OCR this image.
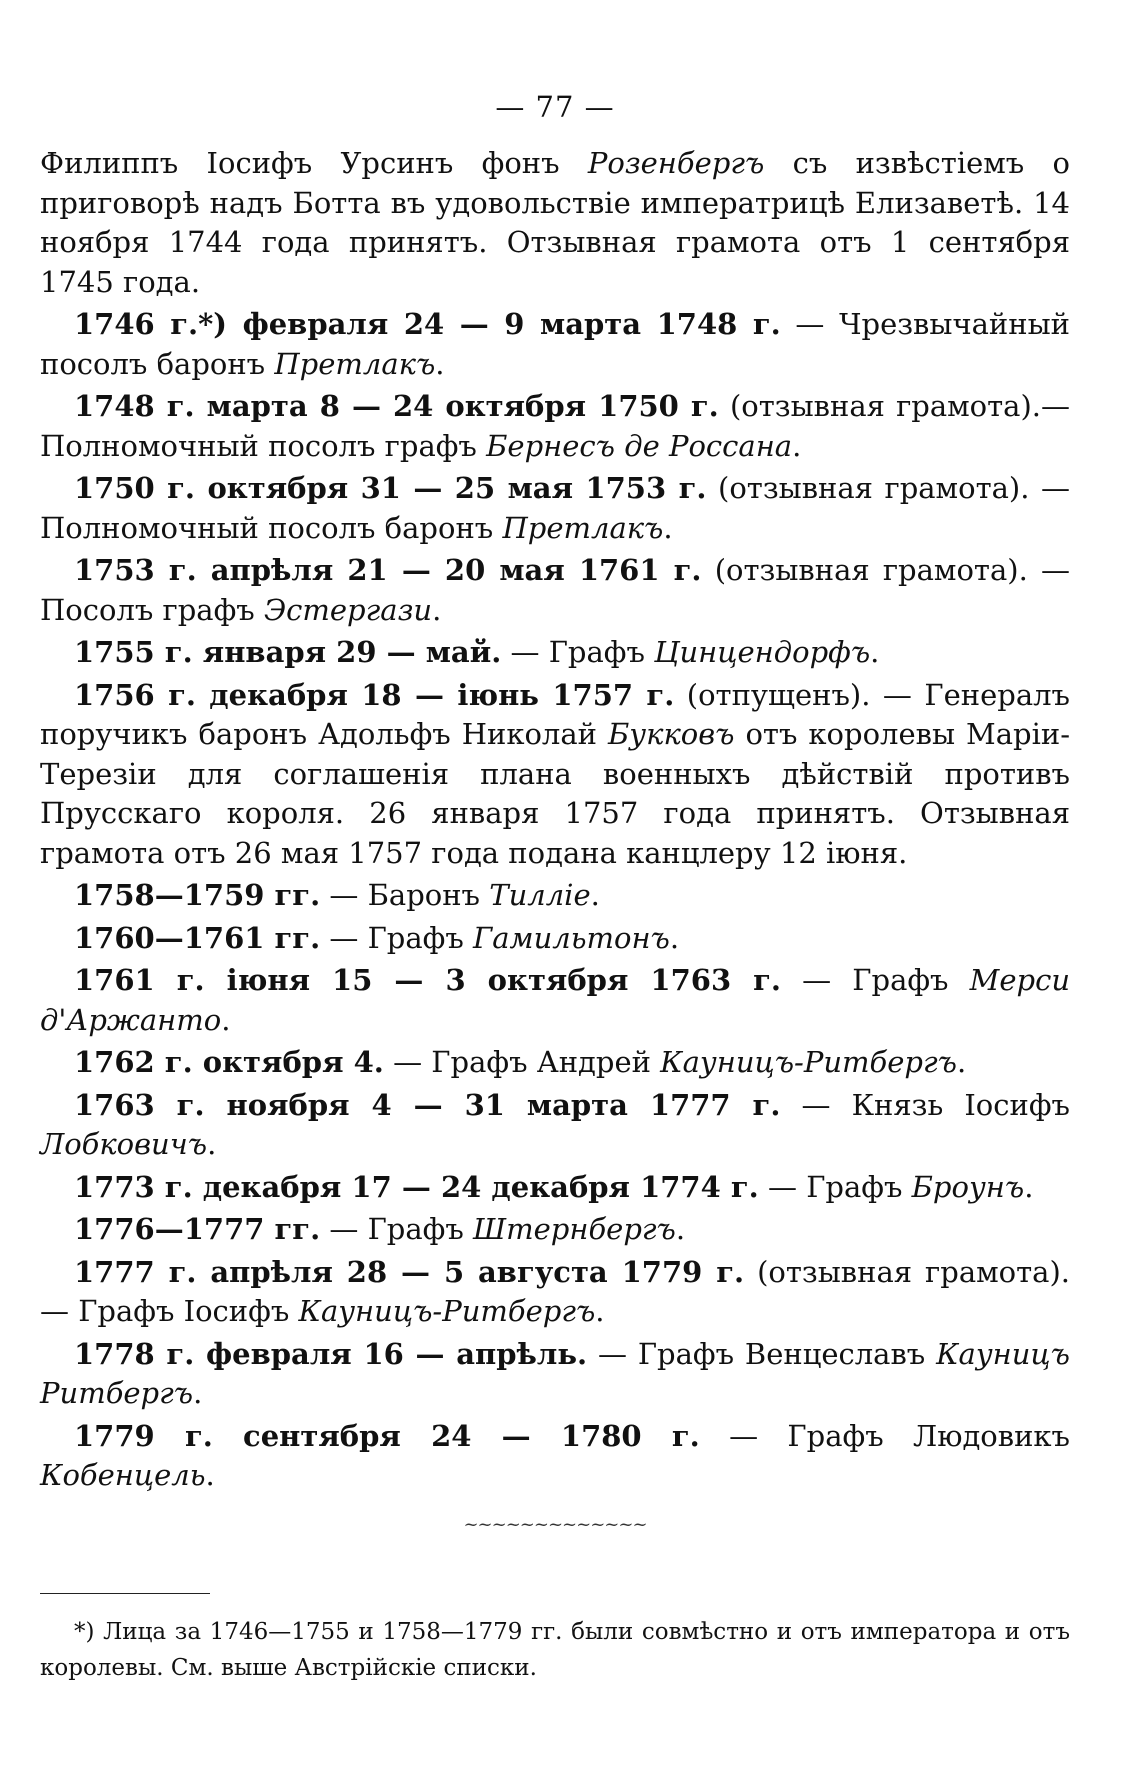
— 77 —

Филиппъ Іосифъ Урсинъ фонъ Розенбергъ съ извѣстіемъ о приговорѣ надъ Ботта въ удовольствіе императрицѣ Елизаветѣ. 14 ноября 1744 года принятъ. Отзывная грамота отъ 1 сентября 1745 года.

1746 г.*) февраля 24 — 9 марта 1748 г. — Чрезвычайный посолъ баронъ Претлакъ.

1748 г. марта 8 — 24 октября 1750 г. (отзывная грамота).— Полномочный посолъ графъ Бернесъ де Россана.

1750 г. октября 31 — 25 мая 1753 г. (отзывная грамота). — Полномочный посолъ баронъ Претлакъ.

1753 г. апрѣля 21 — 20 мая 1761 г. (отзывная грамота). — Посолъ графъ Эстергази.

1755 г. января 29 — май. — Графъ Цинцендорфъ.

1756 г. декабря 18 — іюнь 1757 г. (отпущенъ). — Генералъ поручикъ баронъ Адольфъ Николай Букковъ отъ королевы Маріи-Терезіи для соглашенія плана военныхъ дѣйствій противъ Прусскаго короля. 26 января 1757 года принятъ. Отзывная грамота отъ 26 мая 1757 года подана канцлеру 12 іюня.

1758—1759 гг. — Баронъ Тиллiе.

1760—1761 гг. — Графъ Гамильтонъ.

1761 г. іюня 15 — 3 октября 1763 г. — Графъ Мерси д'Аржанто.

1762 г. октября 4. — Графъ Андрей Кауницъ-Ритбергъ.

1763 г. ноября 4 — 31 марта 1777 г. — Князь Іосифъ Лобковичъ.

1773 г. декабря 17 — 24 декабря 1774 г. — Графъ Броунъ.

1776—1777 гг. — Графъ Штернбергъ.

1777 г. апрѣля 28 — 5 августа 1779 г. (отзывная грамота). — Графъ Іосифъ Кауницъ-Ритбергъ.

1778 г. февраля 16 — апрѣль. — Графъ Венцеславъ Кауницъ Ритбергъ.

1779 г. сентября 24 — 1780 г. — Графъ Людовикъ Кобенцель.

~~~~~~~~~~~~~

*) Лица за 1746—1755 и 1758—1779 гг. были совмѣстно и отъ императора и отъ королевы. См. выше Австрійскіе списки.
